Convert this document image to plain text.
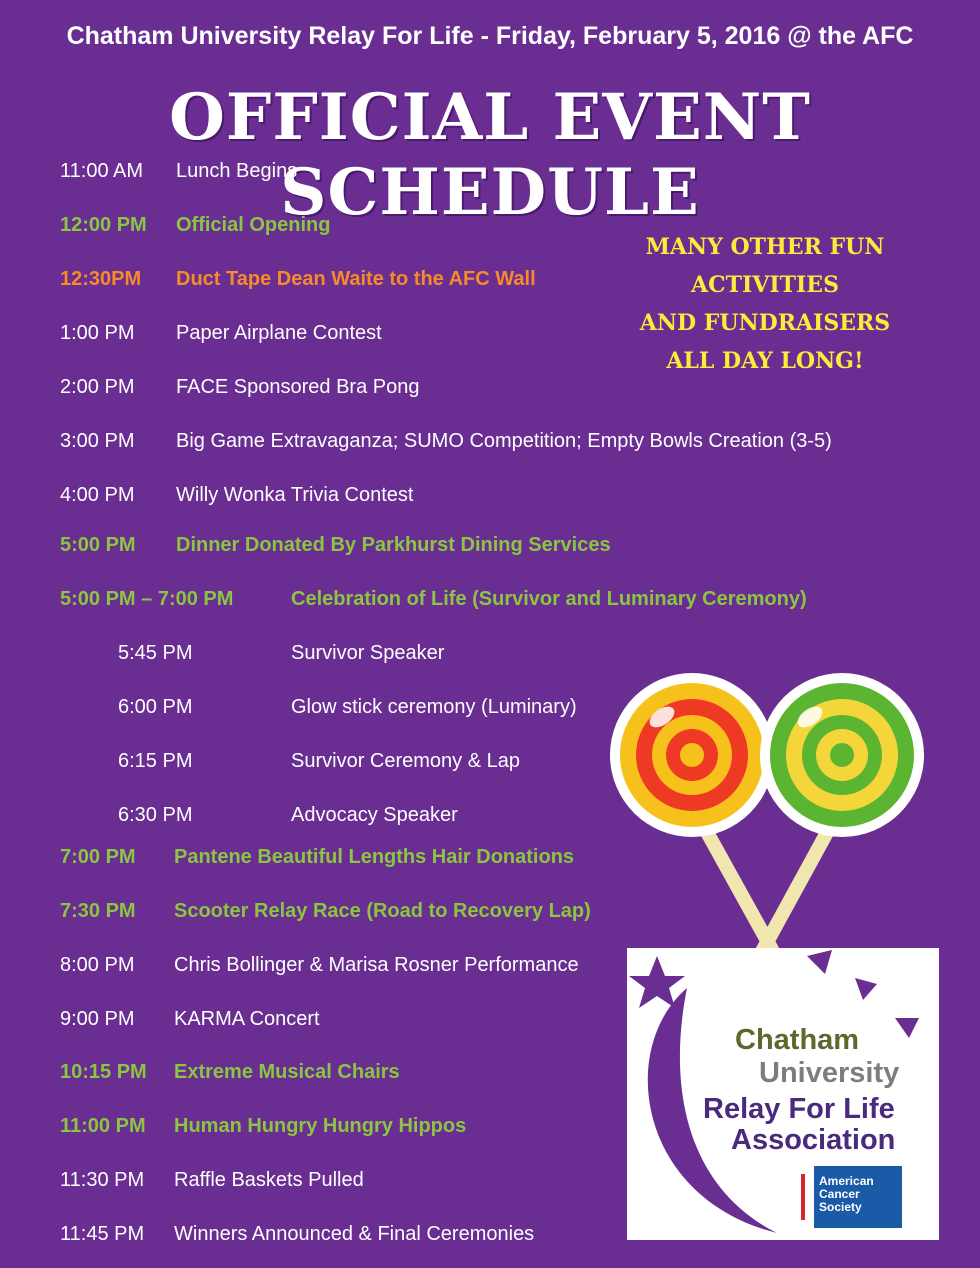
Chatham University Relay For Life - Friday, February 5, 2016 @ the AFC
OFFICIAL EVENT SCHEDULE
11:00 AM Lunch Begins
12:00 PM Official Opening
12:30PM Duct Tape Dean Waite to the AFC Wall
1:00 PM Paper Airplane Contest
2:00 PM FACE Sponsored Bra Pong
3:00 PM Big Game Extravaganza; SUMO Competition; Empty Bowls Creation (3-5)
4:00 PM Willy Wonka Trivia Contest
5:00 PM Dinner Donated By Parkhurst Dining Services
5:00 PM – 7:00 PM	Celebration of Life (Survivor and Luminary Ceremony)
5:45 PM	Survivor Speaker
6:00 PM	Glow stick ceremony (Luminary)
6:15 PM	Survivor Ceremony & Lap
6:30 PM	Advocacy Speaker
7:00 PM Pantene Beautiful Lengths Hair Donations
7:30 PM Scooter Relay Race (Road to Recovery Lap)
8:00 PM Chris Bollinger & Marisa Rosner Performance
9:00 PM KARMA Concert
10:15 PM Extreme Musical Chairs
11:00 PM Human Hungry Hungry Hippos
11:30 PM Raffle Baskets Pulled
11:45 PM Winners Announced & Final Ceremonies
MANY OTHER FUN ACTIVITIES
AND FUNDRAISERS
ALL DAY LONG!
Chatham
University
Relay For Life
Association
American
Cancer
Society
